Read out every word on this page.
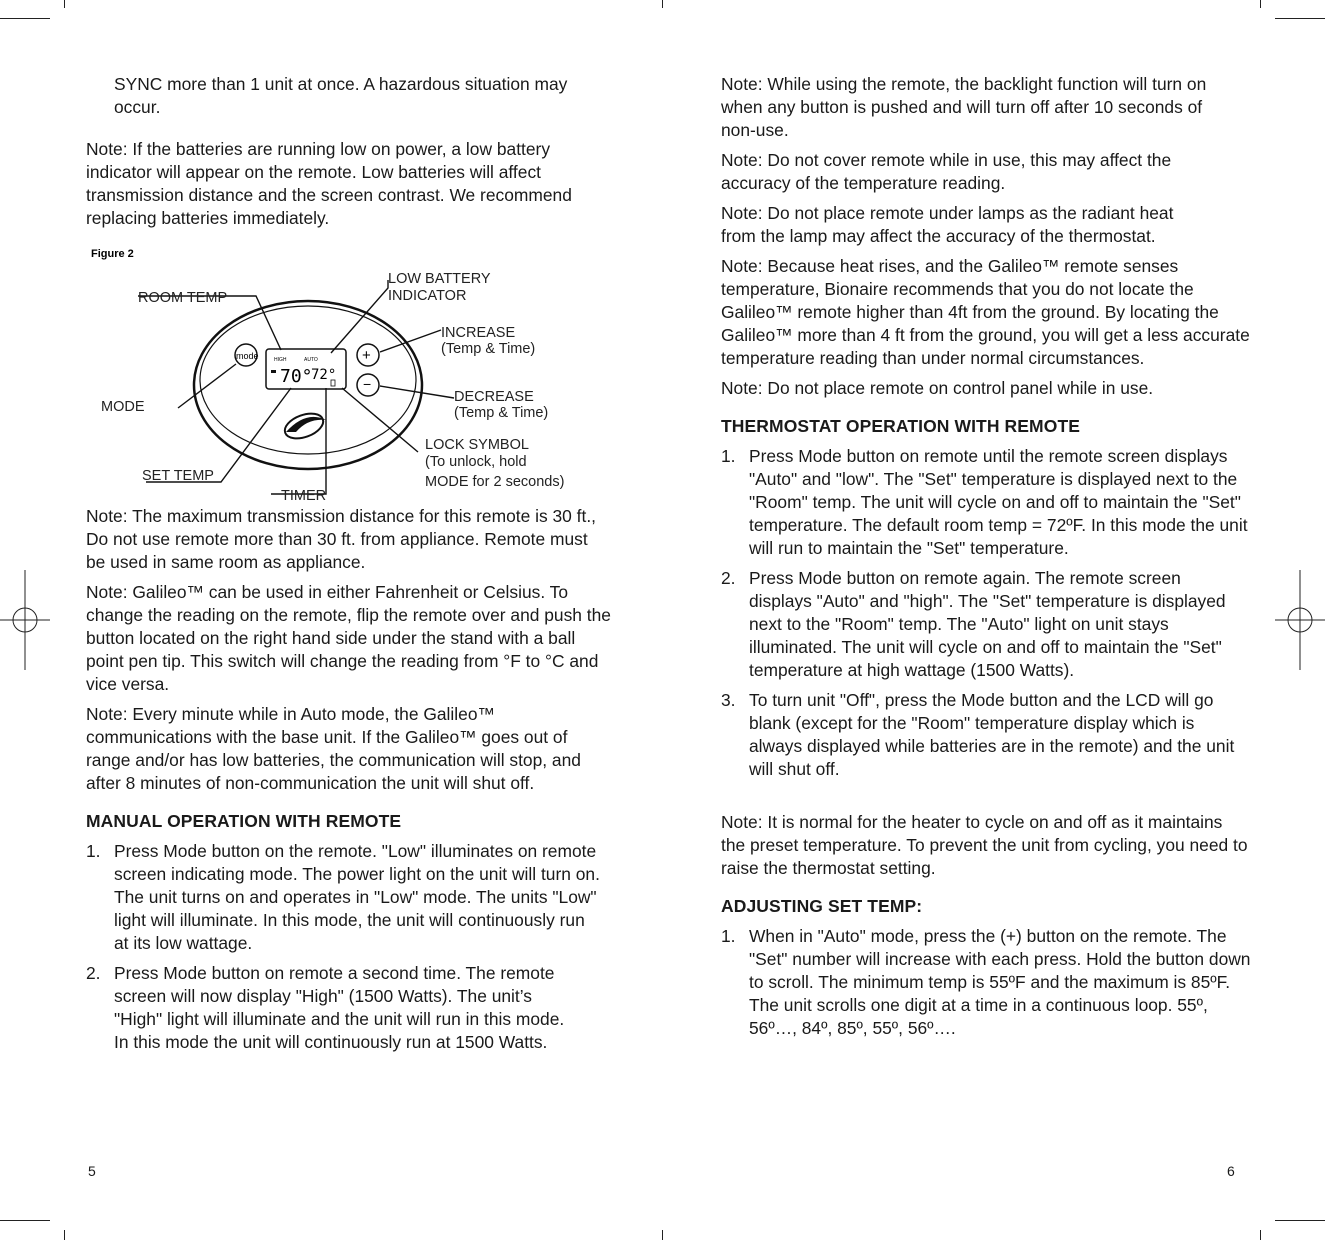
SYNC more than 1 unit at once. A hazardous situation may occur.

Note: If the batteries are running low on power, a low battery indicator will appear on the remote. Low batteries will affect transmission distance and the screen contrast. We recommend replacing batteries immediately.

Note: The maximum transmission distance for this remote is 30 ft., Do not use remote more than 30 ft. from appliance. Remote must be used in same room as appliance.

Note: Galileo™ can be used in either Fahrenheit or Celsius. To change the reading on the remote, flip the remote over and push the button located on the right hand side under the stand with a ball point pen tip. This switch will change the reading from °F to °C and vice versa.

Note: Every minute while in Auto mode, the Galileo™ communications with the base unit. If the Galileo™ goes out of range and/or has low batteries, the communication will stop, and after 8 minutes of non-communication the unit will shut off.

MANUAL OPERATION WITH REMOTE
1. Press Mode button on the remote. "Low" illuminates on remote screen indicating mode. The power light on the unit will turn on. The unit turns on and operates in "Low" mode. The units "Low" light will illuminate. In this mode, the unit will continuously run at its low wattage.
2. Press Mode button on remote a second time. The remote screen will now display "High" (1500 Watts). The unit’s "High" light will illuminate and the unit will run in this mode. In this mode the unit will continuously run at 1500 Watts.
Figure 2
mode	HIGH	AUTO
70°
72°
+
−
ROOM TEMP
LOW BATTERY
INDICATOR
INCREASE
(Temp & Time)
DECREASE
(Temp & Time)
MODE
LOCK SYMBOL
(To unlock, hold
MODE for 2 seconds)
SET TEMP
TIMER
5

Note: While using the remote, the backlight function will turn on when any button is pushed and will turn off after 10 seconds of non-use.

Note: Do not cover remote while in use, this may affect the accuracy of the temperature reading.

Note: Do not place remote under lamps as the radiant heat from the lamp may affect the accuracy of the thermostat.

Note: Because heat rises, and the Galileo™ remote senses temperature, Bionaire recommends that you do not locate the Galileo™ remote higher than 4ft from the ground. By locating the Galileo™ more than 4 ft from the ground, you will get a less accurate temperature reading than under normal circumstances.

Note: Do not place remote on control panel while in use.

THERMOSTAT OPERATION WITH REMOTE
1. Press Mode button on remote until the remote screen displays "Auto" and "low". The "Set" temperature is displayed next to the "Room" temp. The unit will cycle on and off to maintain the "Set" temperature. The default room temp = 72ºF. In this mode the unit will run to maintain the "Set" temperature.
2. Press Mode button on remote again. The remote screen displays "Auto" and "high". The "Set" temperature is displayed next to the "Room" temp. The "Auto" light on unit stays illuminated. The unit will cycle on and off to maintain the "Set" temperature at high wattage (1500 Watts).
3. To turn unit "Off", press the Mode button and the LCD will go blank (except for the "Room" temperature display which is always displayed while batteries are in the remote) and the unit will shut off.

Note: It is normal for the heater to cycle on and off as it maintains the preset temperature. To prevent the unit from cycling, you need to raise the thermostat setting.

ADJUSTING SET TEMP:
1. When in "Auto" mode, press the (+) button on the remote. The "Set" number will increase with each press. Hold the button down to scroll. The minimum temp is 55ºF and the maximum is 85ºF. The unit scrolls one digit at a time in a continuous loop. 55º, 56º…, 84º, 85º, 55º, 56º….
6
